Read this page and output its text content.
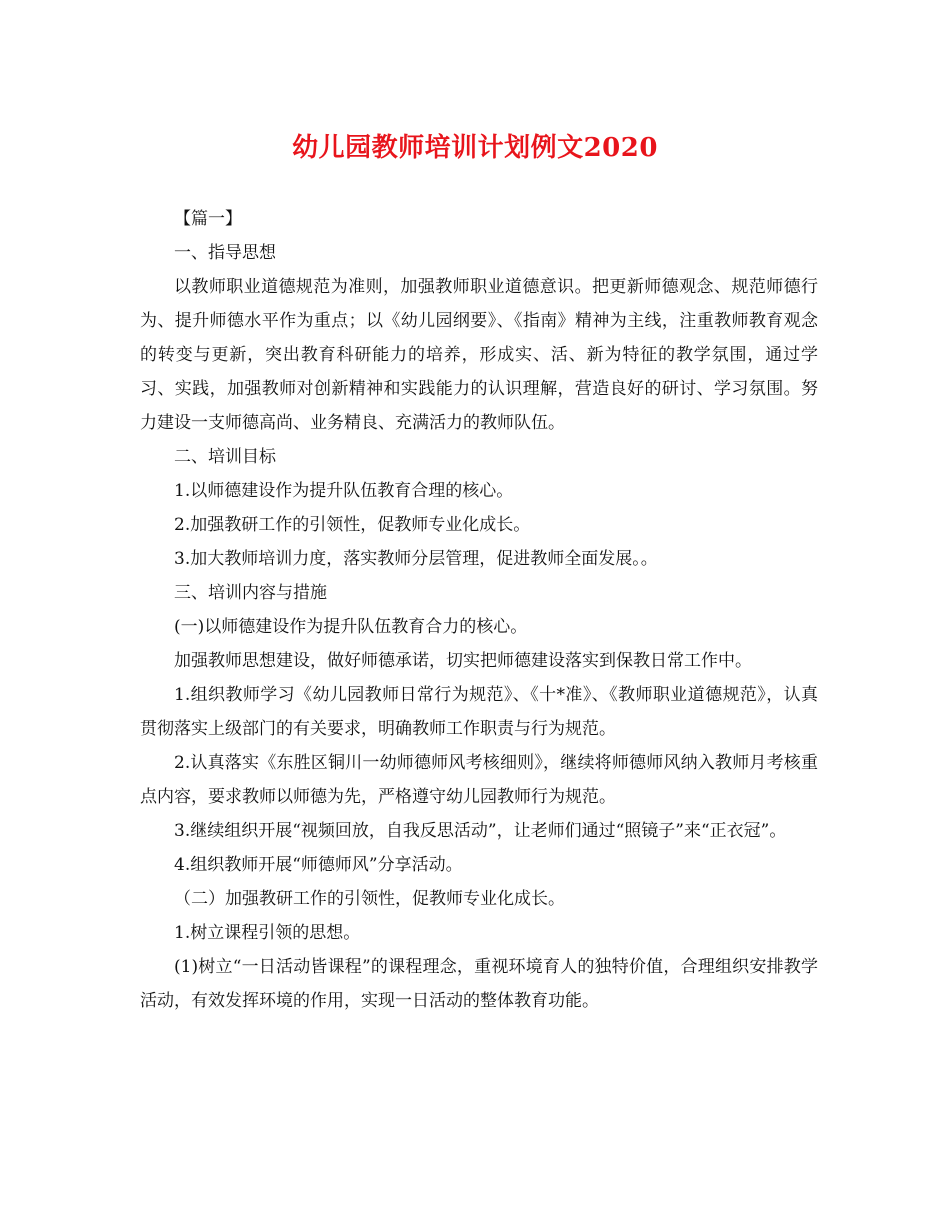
幼儿园教师培训计划例文2020

【篇一】

一、指导思想

以教师职业道德规范为准则，加强教师职业道德意识。把更新师德观念、规范师德行为、提升师德水平作为重点；以《幼儿园纲要》、《指南》精神为主线，注重教师教育观念的转变与更新，突出教育科研能力的培养，形成实、活、新为特征的教学氛围，通过学习、实践，加强教师对创新精神和实践能力的认识理解，营造良好的研讨、学习氛围。努力建设一支师德高尚、业务精良、充满活力的教师队伍。

二、培训目标

1.以师德建设作为提升队伍教育合理的核心。

2.加强教研工作的引领性，促教师专业化成长。

3.加大教师培训力度，落实教师分层管理，促进教师全面发展。。

三、培训内容与措施

(一)以师德建设作为提升队伍教育合力的核心。

加强教师思想建设，做好师德承诺，切实把师德建设落实到保教日常工作中。

1.组织教师学习《幼儿园教师日常行为规范》、《十*准》、《教师职业道德规范》，认真贯彻落实上级部门的有关要求，明确教师工作职责与行为规范。

2.认真落实《东胜区铜川一幼师德师风考核细则》，继续将师德师风纳入教师月考核重点内容，要求教师以师德为先，严格遵守幼儿园教师行为规范。

3.继续组织开展“视频回放，自我反思活动”，让老师们通过“照镜子”来“正衣冠”。

4.组织教师开展“师德师风”分享活动。

（二）加强教研工作的引领性，促教师专业化成长。

1.树立课程引领的思想。

(1)树立“一日活动皆课程”的课程理念，重视环境育人的独特价值，合理组织安排教学活动，有效发挥环境的作用，实现一日活动的整体教育功能。
